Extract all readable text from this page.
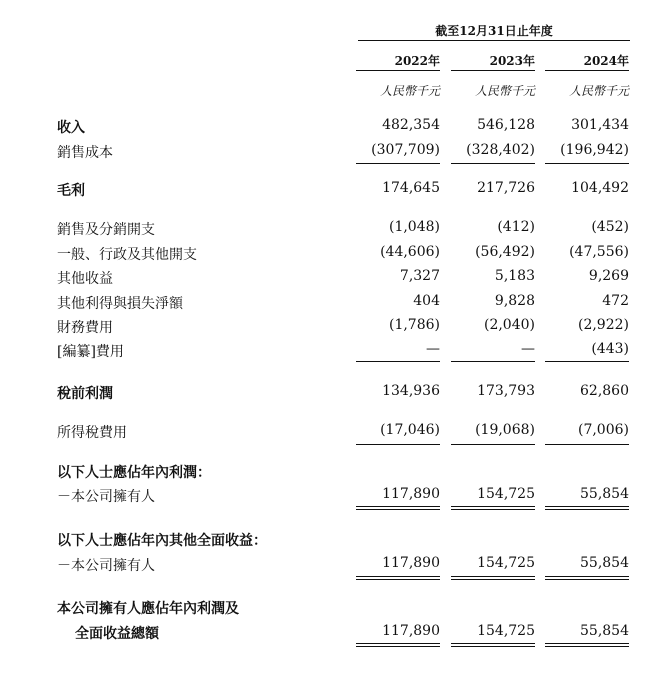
截至12月31日止年度
2022年	2023年	2024年
人民幣千元	人民幣千元	人民幣千元
收入	482,354	546,128	301,434
銷售成本	(307,709)	(328,402)	(196,942)
毛利	174,645	217,726	104,492
銷售及分銷開支	(1,048)	(412)	(452)
一般、行政及其他開支	(44,606)	(56,492)	(47,556)
其他收益	7,327	5,183	9,269
其他利得與損失淨額	404	9,828	472
財務費用	(1,786)	(2,040)	(2,922)
[編纂]費用	—	—	(443)
稅前利潤	134,936	173,793	62,860
所得稅費用	(17,046)	(19,068)	(7,006)
以下人士應佔年內利潤：
－本公司擁有人	117,890	154,725	55,854
以下人士應佔年內其他全面收益：
－本公司擁有人	117,890	154,725	55,854
本公司擁有人應佔年內利潤及
全面收益總額	117,890	154,725	55,854
